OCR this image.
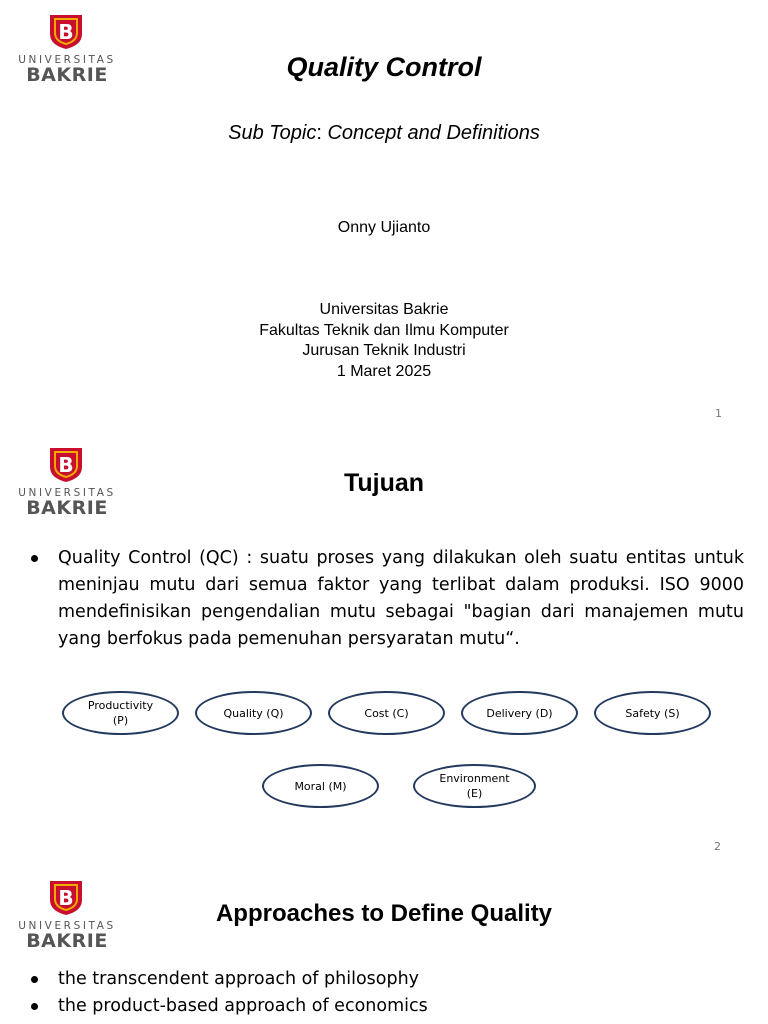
B
UNIVERSITAS
BAKRIE	Quality Control
Sub Topic: Concept and Definitions
Onny Ujianto
Universitas Bakrie
Fakultas Teknik dan Ilmu Komputer
Jurusan Teknik Industri
1 Maret 2025
1
B
UNIVERSITAS
BAKRIE
Tujuan
Quality Control (QC) : suatu proses yang dilakukan oleh suatu entitas untuk meninjau mutu dari semua faktor yang terlibat dalam produksi. ISO 9000 mendefinisikan pengendalian mutu sebagai "bagian dari manajemen mutu yang berfokus pada pemenuhan persyaratan mutu“.
Productivity
(P)
Quality (Q)	Cost (C)	Delivery (D)	Safety (S)
Moral (M)
Environment
(E)
2
B
UNIVERSITAS
BAKRIE
Approaches to Define Quality
the transcendent approach of philosophy
the product-based approach of economics
